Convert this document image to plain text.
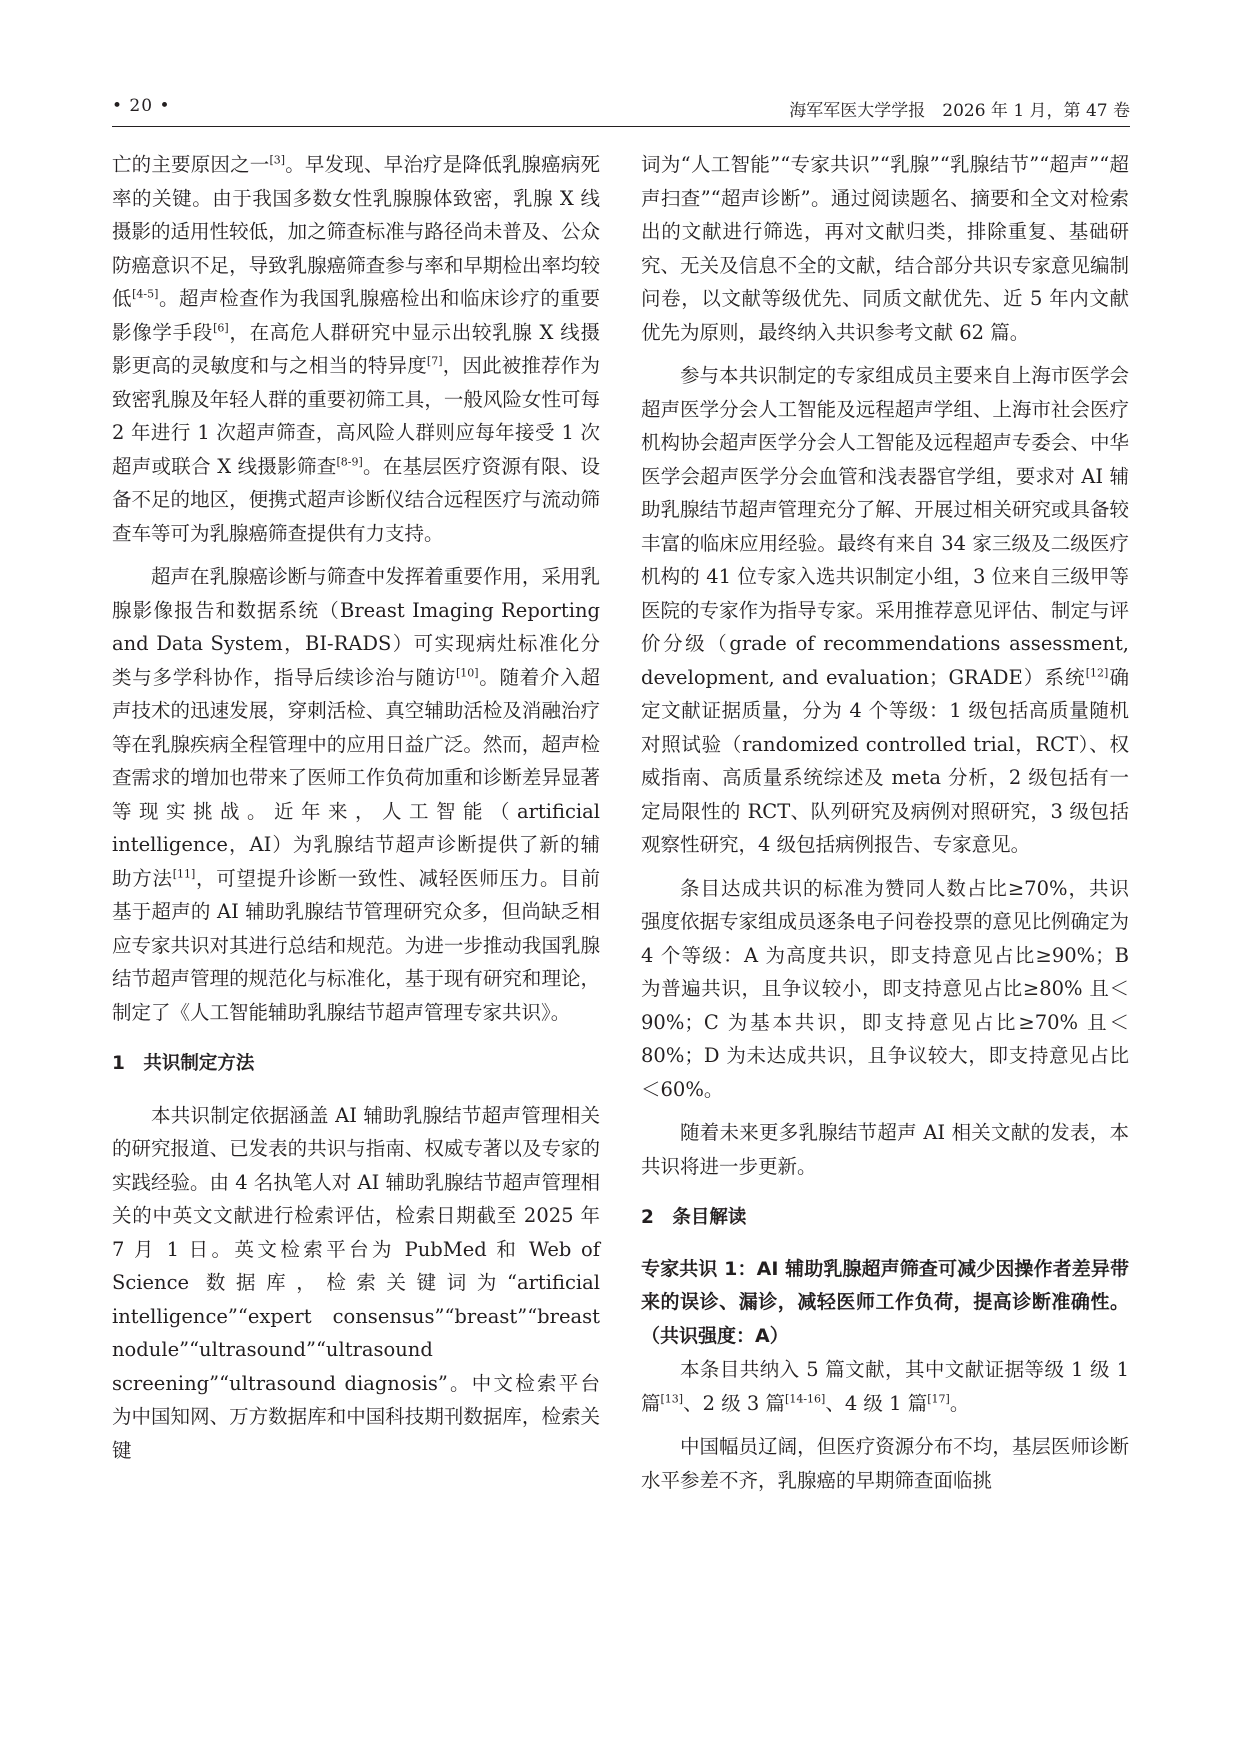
• 20 •	海军军医大学学报　2026 年 1 月，第 47 卷

亡的主要原因之一[3]。早发现、早治疗是降低乳腺癌病死率的关键。由于我国多数女性乳腺腺体致密，乳腺 X 线摄影的适用性较低，加之筛查标准与路径尚未普及、公众防癌意识不足，导致乳腺癌筛查参与率和早期检出率均较低[4-5]。超声检查作为我国乳腺癌检出和临床诊疗的重要影像学手段[6]，在高危人群研究中显示出较乳腺 X 线摄影更高的灵敏度和与之相当的特异度[7]，因此被推荐作为致密乳腺及年轻人群的重要初筛工具，一般风险女性可每 2 年进行 1 次超声筛查，高风险人群则应每年接受 1 次超声或联合 X 线摄影筛查[8-9]。在基层医疗资源有限、设备不足的地区，便携式超声诊断仪结合远程医疗与流动筛查车等可为乳腺癌筛查提供有力支持。

超声在乳腺癌诊断与筛查中发挥着重要作用，采用乳腺影像报告和数据系统（Breast Imaging Reporting and Data System，BI-RADS）可实现病灶标准化分类与多学科协作，指导后续诊治与随访[10]。随着介入超声技术的迅速发展，穿刺活检、真空辅助活检及消融治疗等在乳腺疾病全程管理中的应用日益广泛。然而，超声检查需求的增加也带来了医师工作负荷加重和诊断差异显著等现实挑战。近年来，人工智能（artificial intelligence，AI）为乳腺结节超声诊断提供了新的辅助方法[11]，可望提升诊断一致性、减轻医师压力。目前基于超声的 AI 辅助乳腺结节管理研究众多，但尚缺乏相应专家共识对其进行总结和规范。为进一步推动我国乳腺结节超声管理的规范化与标准化，基于现有研究和理论，制定了《人工智能辅助乳腺结节超声管理专家共识》。

1　共识制定方法

本共识制定依据涵盖 AI 辅助乳腺结节超声管理相关的研究报道、已发表的共识与指南、权威专著以及专家的实践经验。由 4 名执笔人对 AI 辅助乳腺结节超声管理相关的中英文文献进行检索评估，检索日期截至 2025 年 7 月 1 日。英文检索平台为 PubMed 和 Web of Science 数据库，检索关键词为“artificial intelligence”“expert consensus”“breast”“breast nodule”“ultrasound”“ultrasound screening”“ultrasound diagnosis”。中文检索平台为中国知网、万方数据库和中国科技期刊数据库，检索关键

词为“人工智能”“专家共识”“乳腺”“乳腺结节”“超声”“超声扫查”“超声诊断”。通过阅读题名、摘要和全文对检索出的文献进行筛选，再对文献归类，排除重复、基础研究、无关及信息不全的文献，结合部分共识专家意见编制问卷，以文献等级优先、同质文献优先、近 5 年内文献优先为原则，最终纳入共识参考文献 62 篇。

参与本共识制定的专家组成员主要来自上海市医学会超声医学分会人工智能及远程超声学组、上海市社会医疗机构协会超声医学分会人工智能及远程超声专委会、中华医学会超声医学分会血管和浅表器官学组，要求对 AI 辅助乳腺结节超声管理充分了解、开展过相关研究或具备较丰富的临床应用经验。最终有来自 34 家三级及二级医疗机构的 41 位专家入选共识制定小组，3 位来自三级甲等医院的专家作为指导专家。采用推荐意见评估、制定与评价分级（grade of recommendations assessment, development, and evaluation；GRADE）系统[12]确定文献证据质量，分为 4 个等级：1 级包括高质量随机对照试验（randomized controlled trial，RCT）、权威指南、高质量系统综述及 meta 分析，2 级包括有一定局限性的 RCT、队列研究及病例对照研究，3 级包括观察性研究，4 级包括病例报告、专家意见。

条目达成共识的标准为赞同人数占比≥70%，共识强度依据专家组成员逐条电子问卷投票的意见比例确定为 4 个等级：A 为高度共识，即支持意见占比≥90%；B 为普遍共识，且争议较小，即支持意见占比≥80% 且＜90%；C 为基本共识，即支持意见占比≥70% 且＜80%；D 为未达成共识，且争议较大，即支持意见占比＜60%。

随着未来更多乳腺结节超声 AI 相关文献的发表，本共识将进一步更新。

2　条目解读

专家共识 1：AI 辅助乳腺超声筛查可减少因操作者差异带来的误诊、漏诊，减轻医师工作负荷，提高诊断准确性。（共识强度：A）

本条目共纳入 5 篇文献，其中文献证据等级 1 级 1 篇[13]、2 级 3 篇[14-16]、4 级 1 篇[17]。

中国幅员辽阔，但医疗资源分布不均，基层医师诊断水平参差不齐，乳腺癌的早期筛查面临挑
